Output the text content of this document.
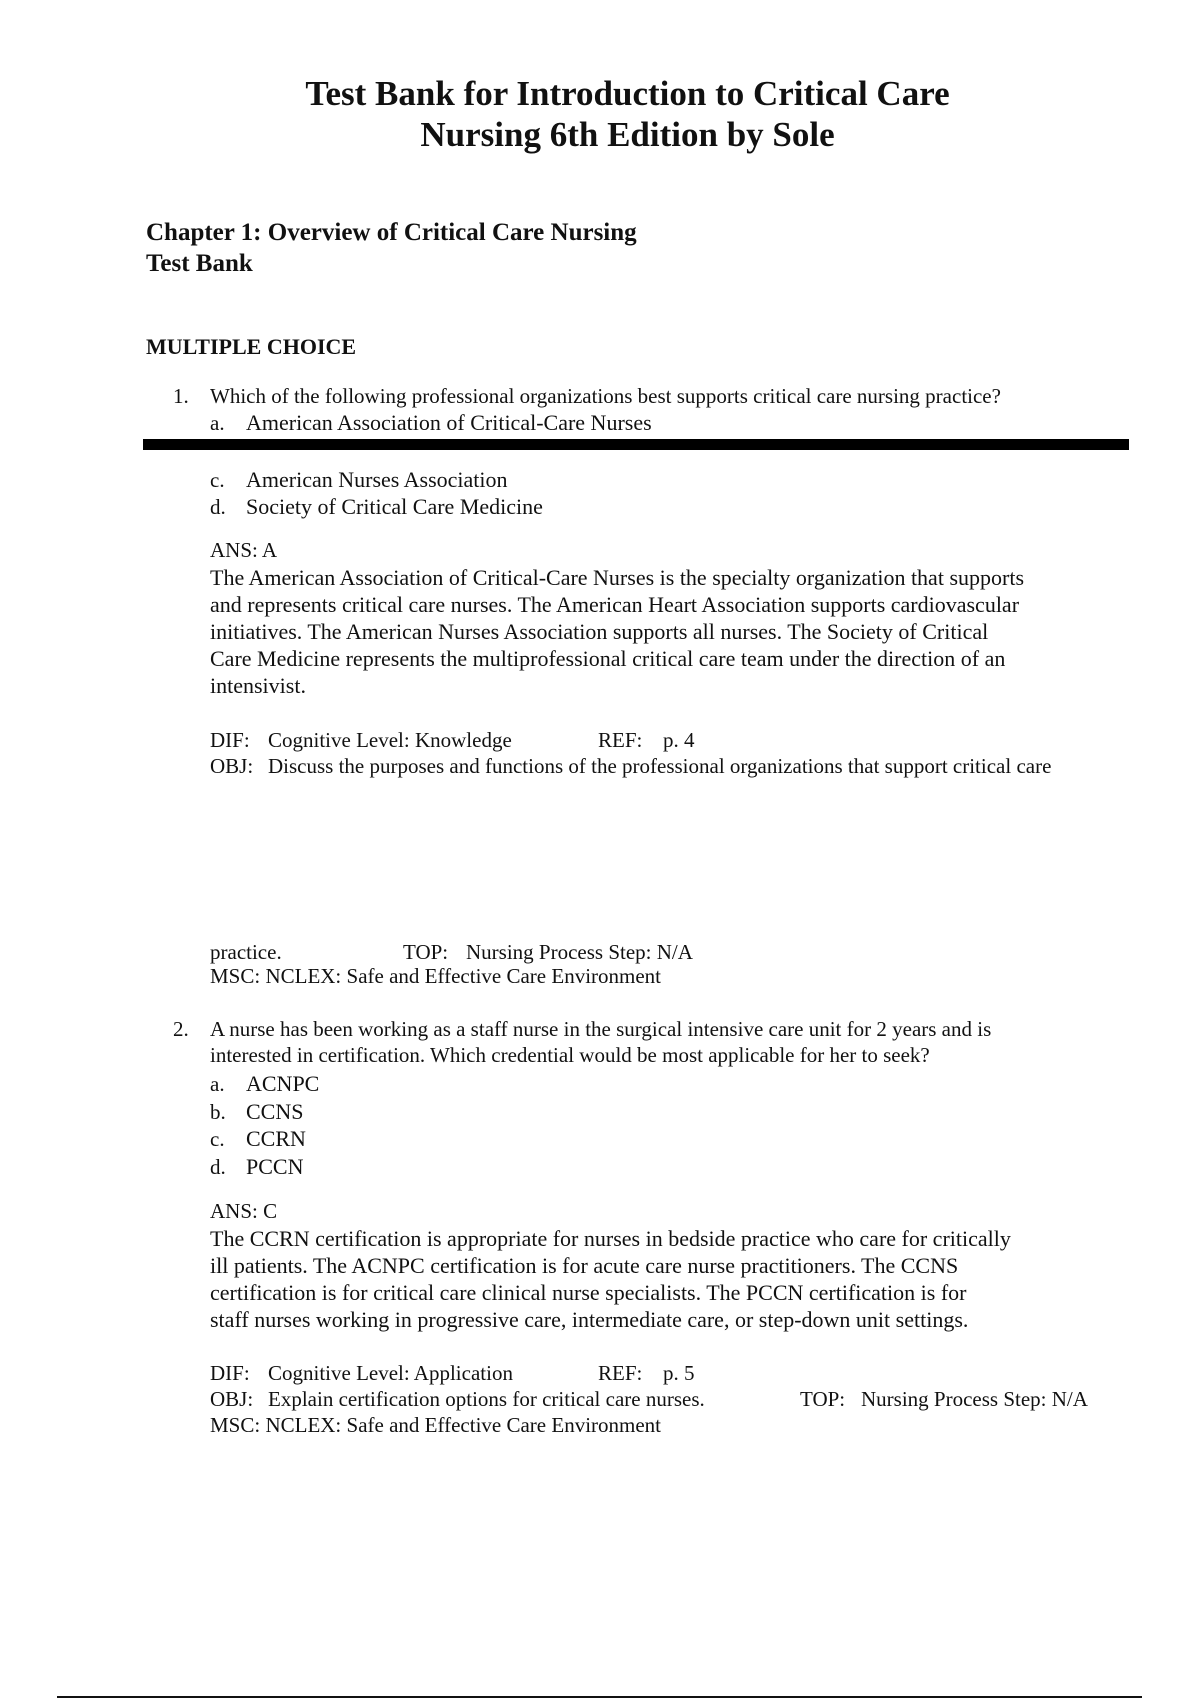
Test Bank for Introduction to Critical Care
Nursing 6th Edition by Sole
Chapter 1: Overview of Critical Care Nursing
Test Bank
MULTIPLE CHOICE
1. Which of the following professional organizations best supports critical care nursing practice?
a. American Association of Critical-Care Nurses
c. American Nurses Association
d. Society of Critical Care Medicine
ANS: A

The American Association of Critical-Care Nurses is the specialty organization that supports

and represents critical care nurses. The American Heart Association supports cardiovascular

initiatives. The American Nurses Association supports all nurses. The Society of Critical

Care Medicine represents the multiprofessional critical care team under the direction of an

intensivist.

DIF: Cognitive Level: Knowledge	REF: p. 4
OBJ: Discuss the purposes and functions of the professional organizations that support critical care
practice.	TOP: Nursing Process Step: N/A
MSC: NCLEX: Safe and Effective Care Environment
2. A nurse has been working as a staff nurse in the surgical intensive care unit for 2 years and is
interested in certification. Which credential would be most applicable for her to seek?
a. ACNPC
b. CCNS
c. CCRN
d. PCCN
ANS: C

The CCRN certification is appropriate for nurses in bedside practice who care for critically

ill patients. The ACNPC certification is for acute care nurse practitioners. The CCNS

certification is for critical care clinical nurse specialists. The PCCN certification is for

staff nurses working in progressive care, intermediate care, or step-down unit settings.

DIF: Cognitive Level: Application	REF: p. 5
OBJ: Explain certification options for critical care nurses.	TOP: Nursing Process Step: N/A
MSC: NCLEX: Safe and Effective Care Environment
